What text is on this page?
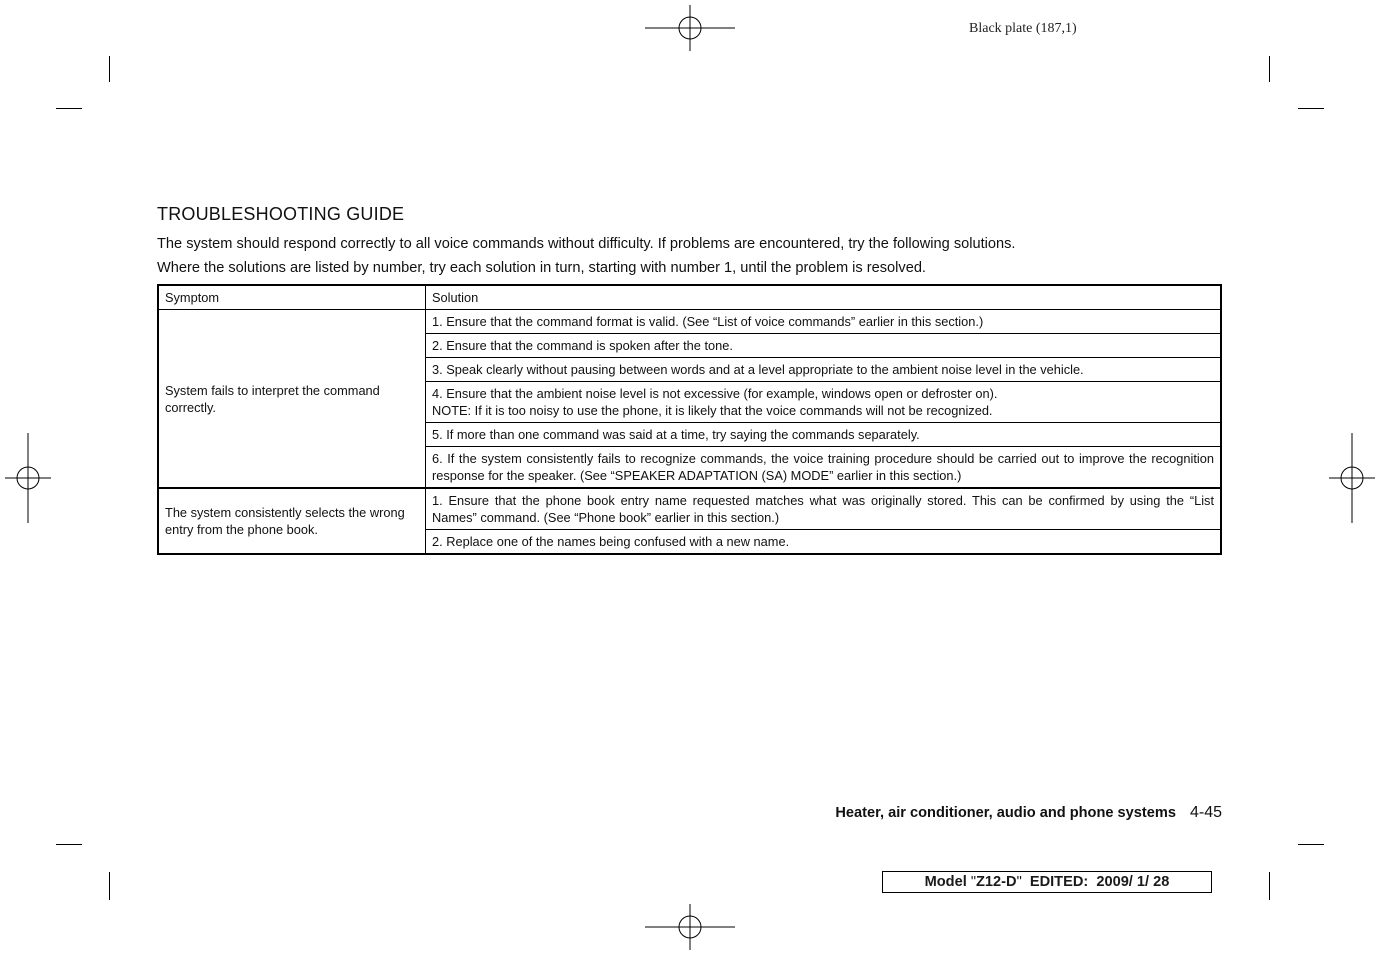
Black plate (187,1)
TROUBLESHOOTING GUIDE
The system should respond correctly to all voice commands without difficulty. If problems are encountered, try the following solutions.
Where the solutions are listed by number, try each solution in turn, starting with number 1, until the problem is resolved.
Symptom	Solution
System fails to interpret the command correctly.	1. Ensure that the command format is valid. (See “List of voice commands” earlier in this section.)

	2. Ensure that the command is spoken after the tone.

	3. Speak clearly without pausing between words and at a level appropriate to the ambient noise level in the vehicle.

	4. Ensure that the ambient noise level is not excessive (for example, windows open or defroster on).
NOTE: If it is too noisy to use the phone, it is likely that the voice commands will not be recognized.

	5. If more than one command was said at a time, try saying the commands separately.

	6. If the system consistently fails to recognize commands, the voice training procedure should be carried out to improve the recognition response for the speaker. (See “SPEAKER ADAPTATION (SA) MODE” earlier in this section.)

The system consistently selects the wrong entry from the phone book.	1. Ensure that the phone book entry name requested matches what was originally stored. This can be confirmed by using the “List Names” command. (See “Phone book” earlier in this section.)

	2. Replace one of the names being confused with a new name.
Heater, air conditioner, audio and phone systems 4-45
Model "Z12-D" EDITED: 2009/ 1/ 28
